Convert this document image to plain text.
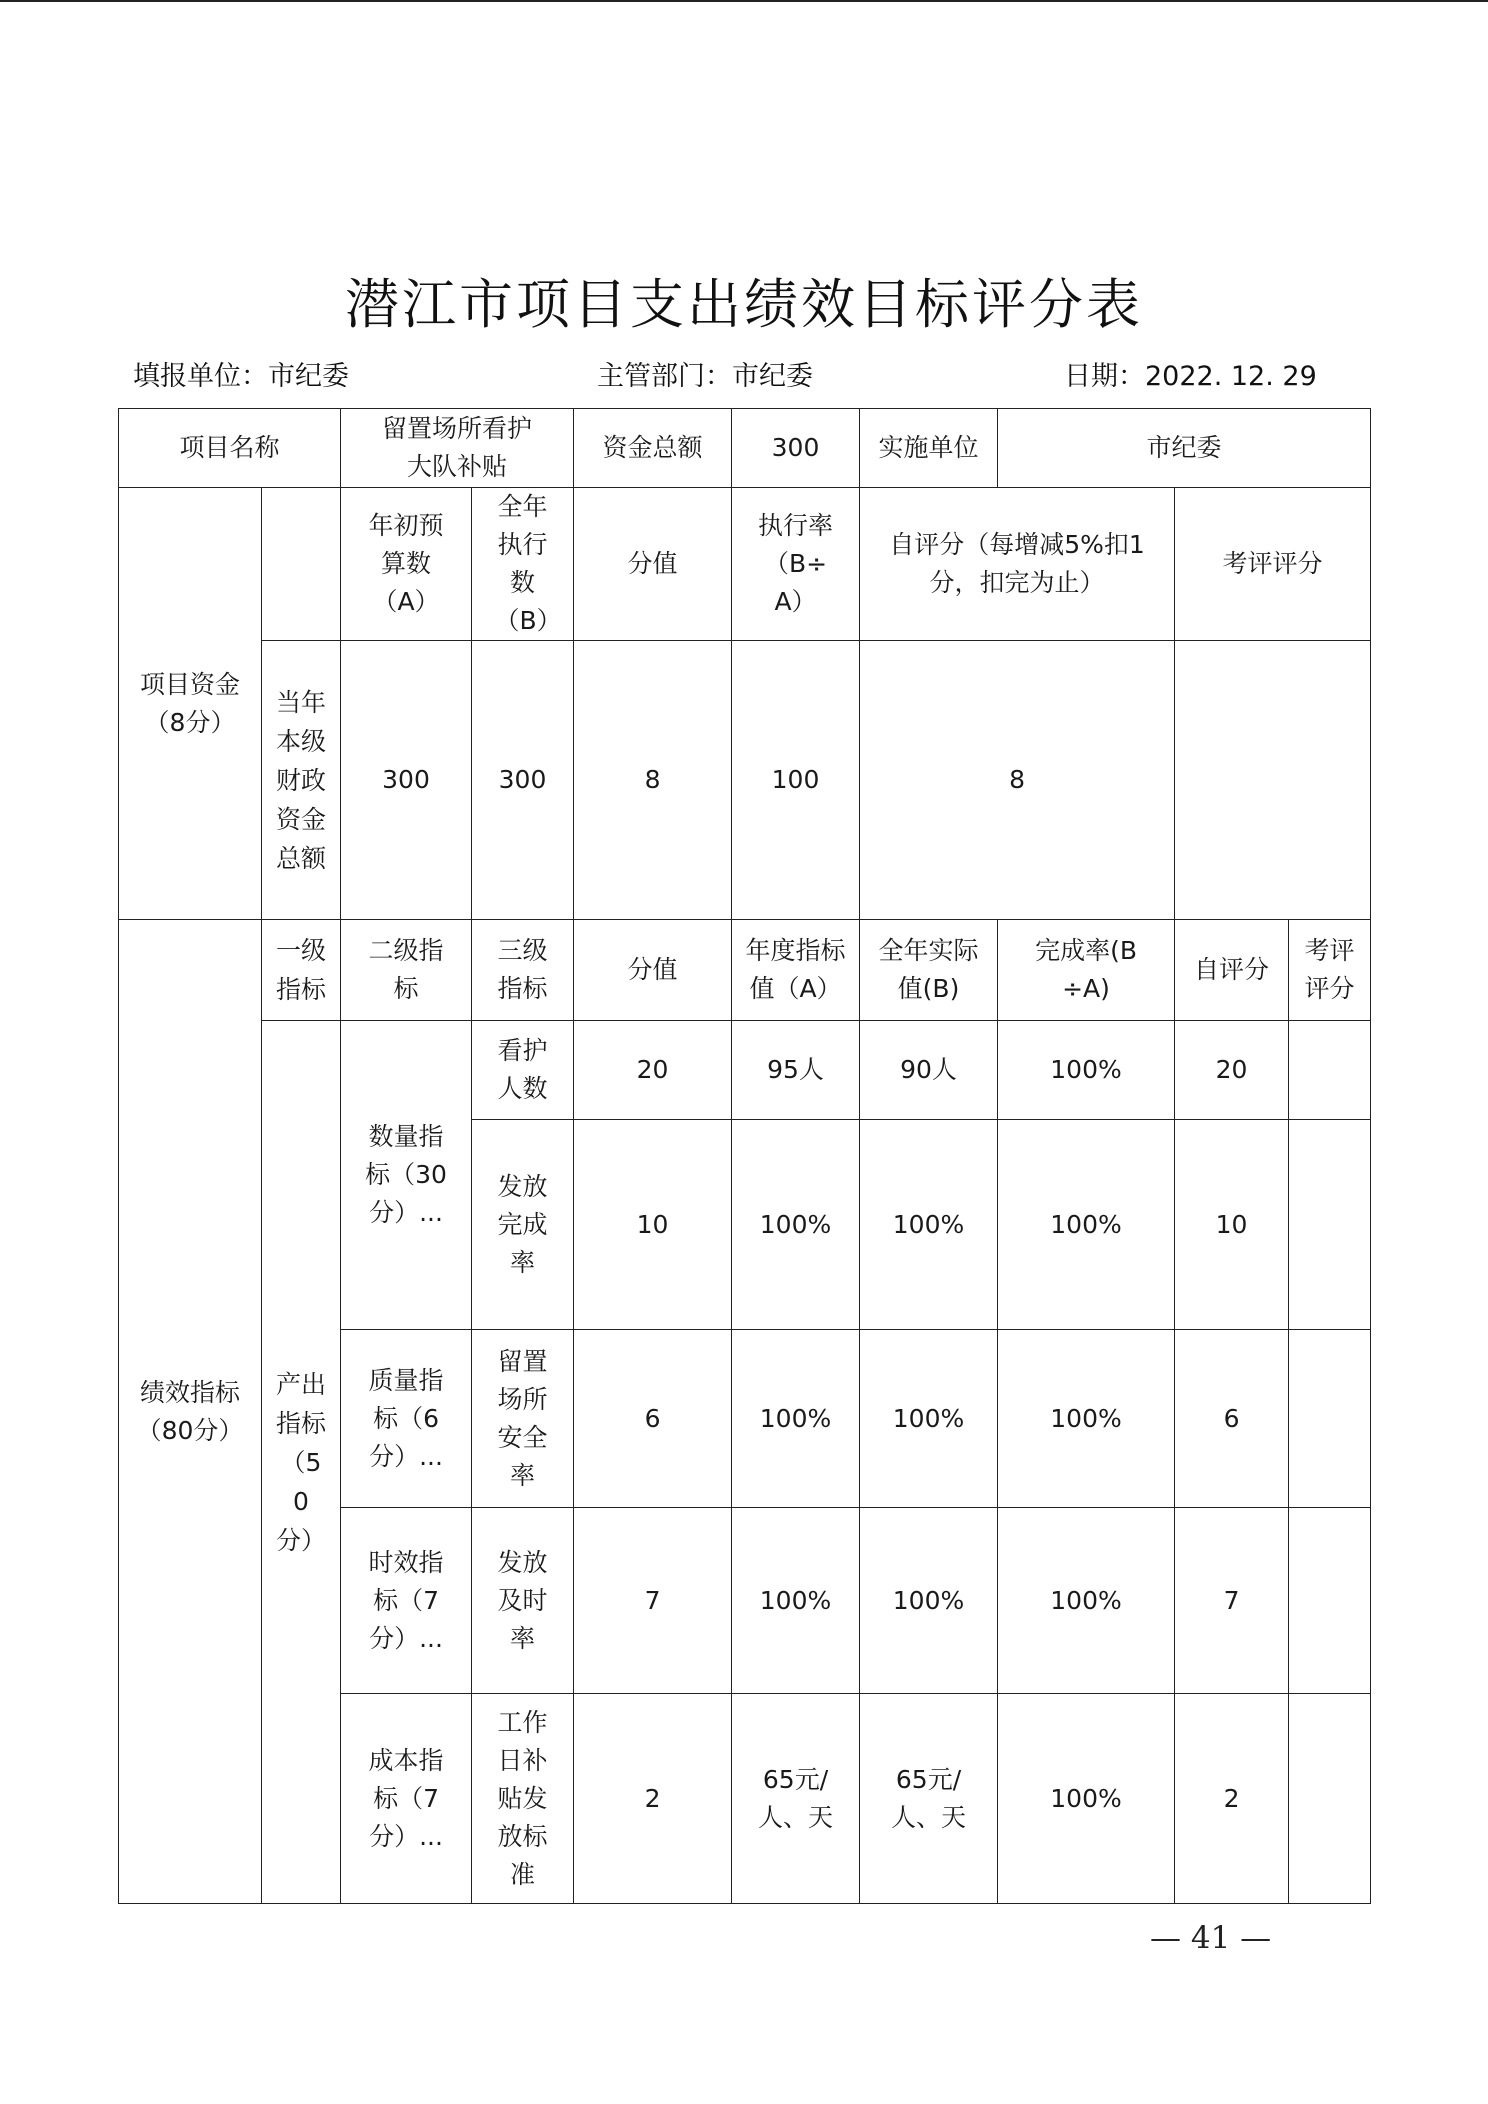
潜江市项目支出绩效目标评分表
填报单位：市纪委	主管部门：市纪委	日期：2022. 12. 29
项目名称		留置场所看护大队补贴		资金总额	300	实施单位	市纪委		
项目资金（8分）		年初预算数（A）	全年执行数（B）	分值	执行率（B÷A）	自评分（每增减5%扣1分，扣完为止）		考评评分	
	当年本级财政资金总额	300	300	8	100	8			
绩效指标（80分）	一级指标	二级指标	三级指标	分值	年度指标值（A）	全年实际值(B)	完成率(B÷A)	自评分	考评评分
	产出指标（50分）	数量指标（30分）...	看护人数	20	95人	90人	100%	20	
			发放完成率	10	100%	100%	100%	10	
		质量指标（6分）...	留置场所安全率	6	100%	100%	100%	6	
		时效指标（7分）...	发放及时率	7	100%	100%	100%	7	
		成本指标（7分）...	工作日补贴发放标准	2	65元/人、天	65元/人、天	100%	2	
— 41 —
